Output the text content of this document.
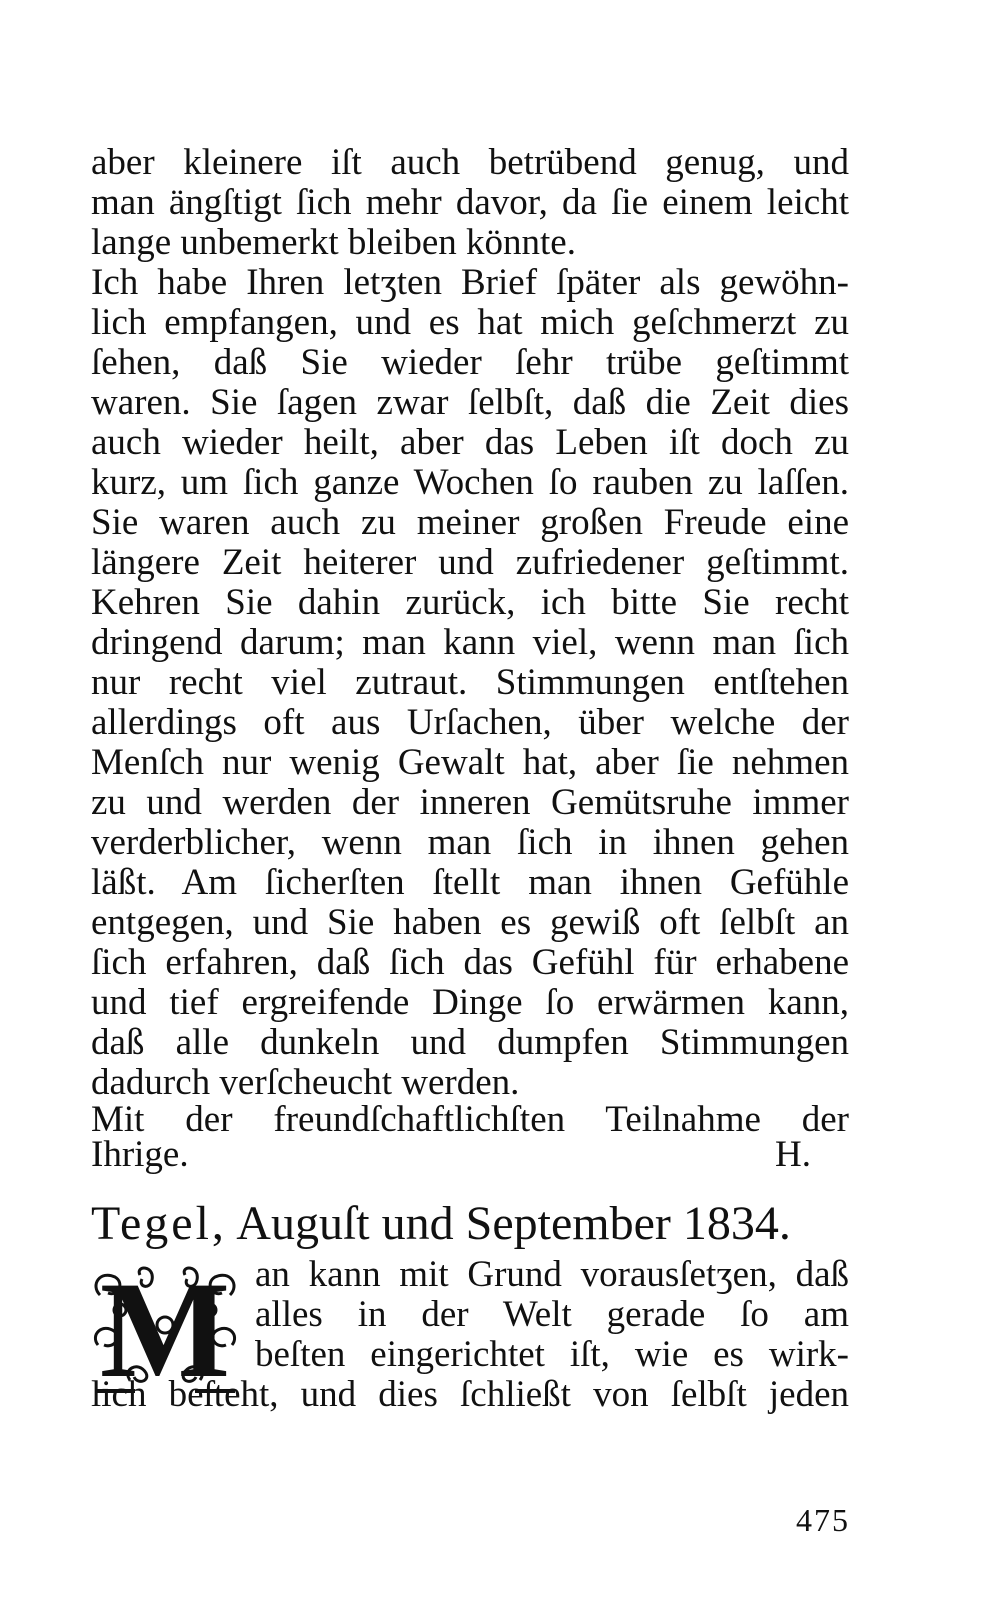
aber kleinere iſt auch betrübend genug, und
man ängſtigt ſich mehr davor, da ſie einem leicht
lange unbemerkt bleiben könnte.
Ich habe Ihren letʒten Brief ſpäter als gewöhn-
lich empfangen, und es hat mich geſchmerzt zu
ſehen, daß Sie wieder ſehr trübe geſtimmt
waren. Sie ſagen zwar ſelbſt, daß die Zeit dies
auch wieder heilt, aber das Leben iſt doch zu
kurz, um ſich ganze Wochen ſo rauben zu laſſen.
Sie waren auch zu meiner großen Freude eine
längere Zeit heiterer und zufriedener geſtimmt.
Kehren Sie dahin zurück, ich bitte Sie recht
dringend darum; man kann viel, wenn man ſich
nur recht viel zutraut. Stimmungen entſtehen
allerdings oft aus Urſachen, über welche der
Menſch nur wenig Gewalt hat, aber ſie nehmen
zu und werden der inneren Gemütsruhe immer
verderblicher, wenn man ſich in ihnen gehen
läßt. Am ſicherſten ſtellt man ihnen Gefühle
entgegen, und Sie haben es gewiß oft ſelbſt an
ſich erfahren, daß ſich das Gefühl für erhabene
und tief ergreifende Dinge ſo erwärmen kann,
daß alle dunkeln und dumpfen Stimmungen
dadurch verſcheucht werden.
Mit der freundſchaftlichſten Teilnahme der
Ihrige.	H.
Tegel, Auguſt und September 1834.
M an kann mit Grund vorausſetʒen, daß
alles in der Welt gerade ſo am
beſten eingerichtet iſt, wie es wirk-
lich beſteht, und dies ſchließt von ſelbſt jeden
475
